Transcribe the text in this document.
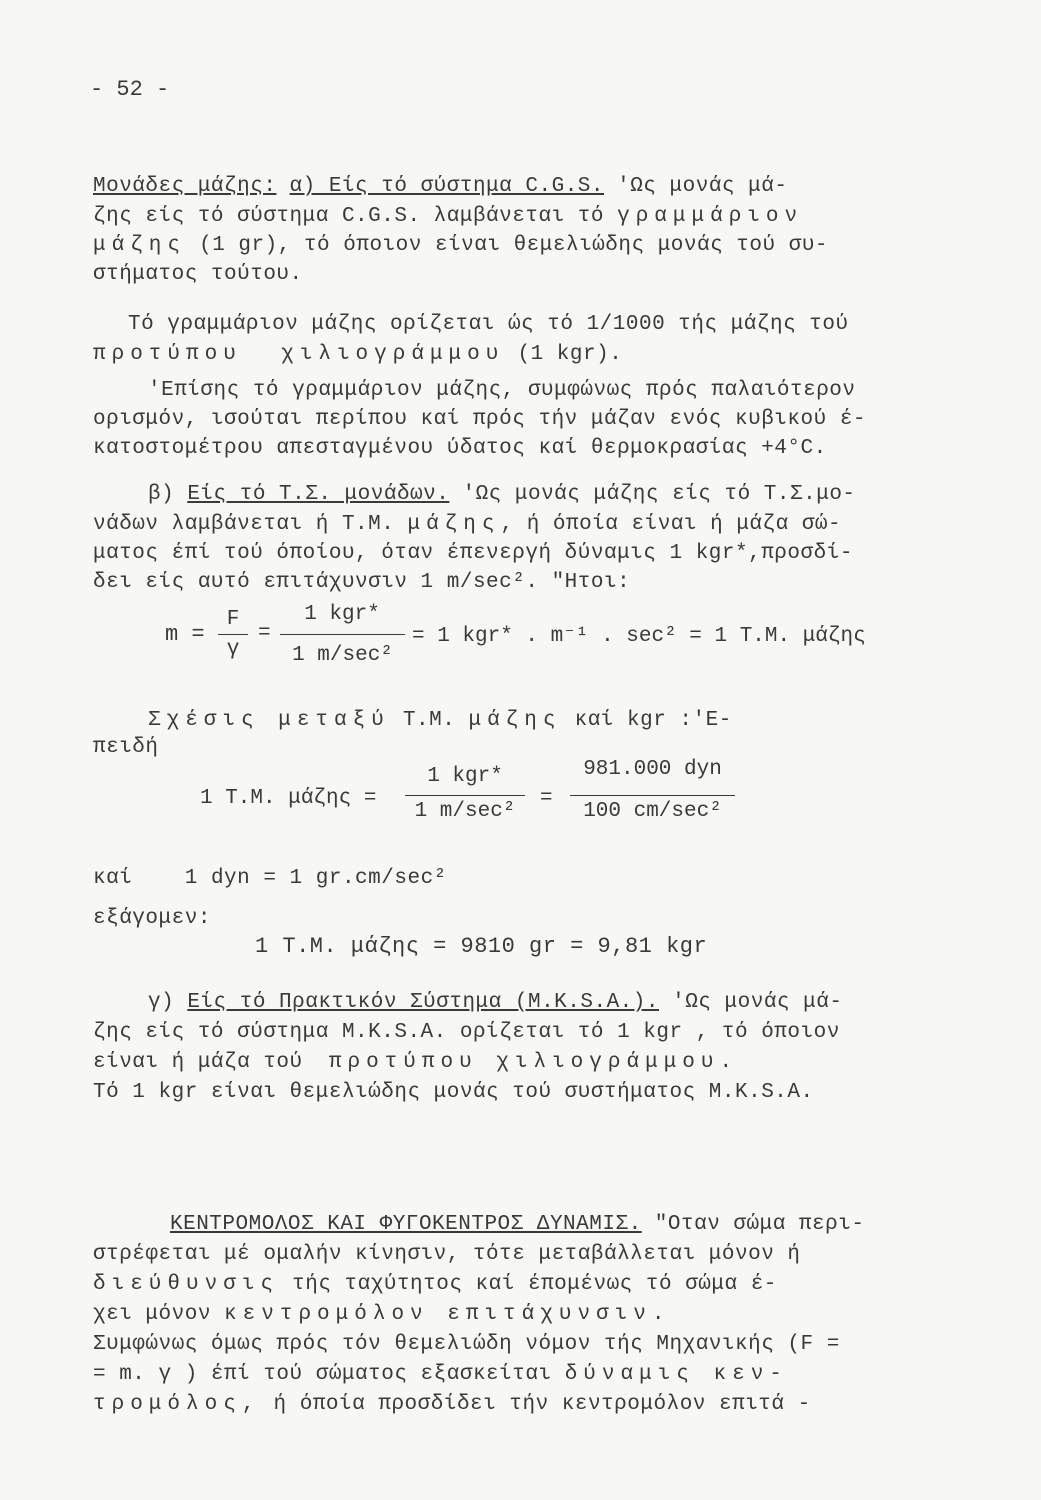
- 52 -
Μονάδες μάζης: α) Είς τό σύστημα C.G.S. 'Ως μονάς μά-
ζης είς τό σύστημα C.G.S. λαμβάνεται τό γραμμάριον
μάζης (1 gr), τό όποιον είναι θεμελιώδης μονάς τού συ-
στήματος τούτου.
Τό γραμμάριον μάζης ορίζεται ώς τό 1/1000 τής μάζης τού
προτύπου χιλιογράμμου (1 kgr).
'Επίσης τό γραμμάριον μάζης, συμφώνως πρός παλαιότερον
ορισμόν, ισούται περίπου καί πρός τήν μάζαν ενός κυβικού έ-
κατοστομέτρου απεσταγμένου ύδατος καί θερμοκρασίας +4°C.
β) Είς τό Τ.Σ. μονάδων. 'Ως μονάς μάζης είς τό Τ.Σ.μο-
νάδων λαμβάνεται ή Τ.Μ. μάζης, ή όποία είναι ή μάζα σώ-
ματος έπί τού όποίου, όταν έπενεργή δύναμις 1 kgr*,προσδί-
δει είς αυτό επιτάχυνσιν 1 m/sec². "Ητοι:
m =
F
γ
=
1 kgr*
1 m/sec²
= 1 kgr* . m⁻¹ . sec² = 1 Τ.Μ. μάζης
Σχέσις μεταξύ Τ.Μ. μάζης καί kgr :'Ε-
πειδή
1 Τ.Μ. μάζης =
1 kgr*
1 m/sec²
=
981.000 dyn
100 cm/sec²
καί 1 dyn = 1 gr.cm/sec²
εξάγομεν:
1 Τ.Μ. μάζης = 9810 gr = 9,81 kgr
γ) Είς τό Πρακτικόν Σύστημα (Μ.Κ.S.Α.). 'Ως μονάς μά-
ζης είς τό σύστημα Μ.Κ.S.Α. ορίζεται τό 1 kgr , τό όποιον
είναι ή μάζα τού προτύπου χιλιογράμμου.
Τό 1 kgr είναι θεμελιώδης μονάς τού συστήματος Μ.Κ.S.Α.
ΚΕΝΤΡΟΜΟΛΟΣ ΚΑΙ ΦΥΓΟΚΕΝΤΡΟΣ ΔΥΝΑΜΙΣ. "Οταν σώμα περι-
στρέφεται μέ ομαλήν κίνησιν, τότε μεταβάλλεται μόνον ή
διεύθυνσις τής ταχύτητος καί έπομένως τό σώμα έ-
χει μόνον κεντρομόλον επιτάχυνσιν.
Συμφώνως όμως πρός τόν θεμελιώδη νόμον τής Μηχανικής (F =
= m. γ ) έπί τού σώματος εξασκείται δύναμις κεν-
τρομόλος, ή όποία προσδίδει τήν κεντρομόλον επιτά -
